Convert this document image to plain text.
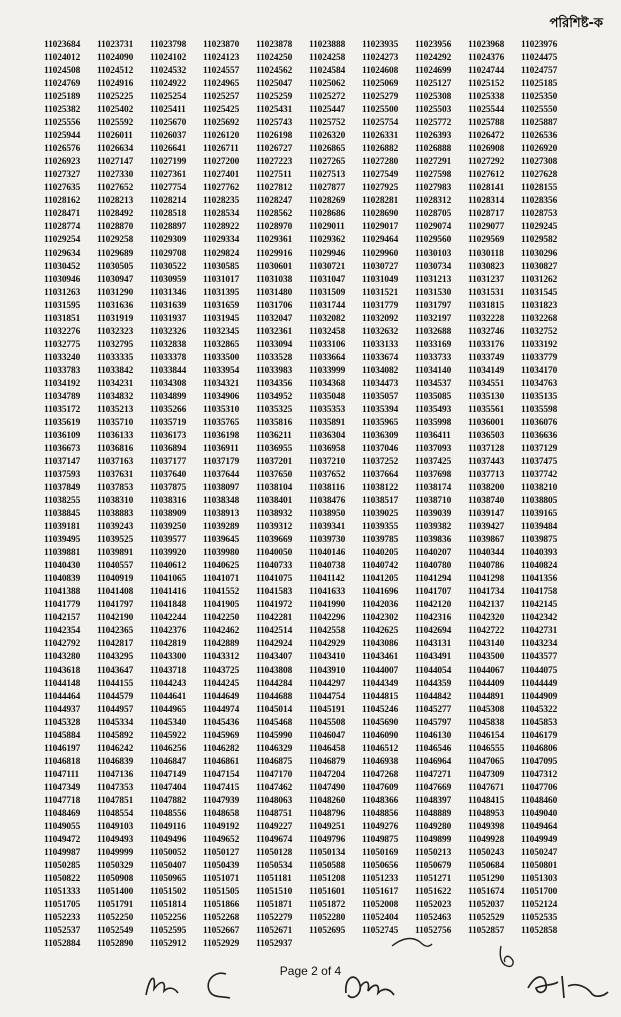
পরিশিষ্ট-ক
11023684	11023731	11023798	11023870	11023878	11023888	11023935	11023956	11023968	11023976
11024012	11024090	11024102	11024123	11024250	11024258	11024273	11024292	11024376	11024475
11024508	11024512	11024532	11024557	11024562	11024584	11024608	11024699	11024744	11024757
11024769	11024916	11024922	11024965	11025047	11025062	11025069	11025127	11025152	11025185
11025189	11025225	11025254	11025257	11025259	11025272	11025279	11025308	11025338	11025350
11025382	11025402	11025411	11025425	11025431	11025447	11025500	11025503	11025544	11025550
11025556	11025592	11025670	11025692	11025743	11025752	11025754	11025772	11025788	11025887
11025944	11026011	11026037	11026120	11026198	11026320	11026331	11026393	11026472	11026536
11026576	11026634	11026641	11026711	11026727	11026865	11026882	11026888	11026908	11026920
11026923	11027147	11027199	11027200	11027223	11027265	11027280	11027291	11027292	11027308
11027327	11027330	11027361	11027401	11027511	11027513	11027549	11027598	11027612	11027628
11027635	11027652	11027754	11027762	11027812	11027877	11027925	11027983	11028141	11028155
11028162	11028213	11028214	11028235	11028247	11028269	11028281	11028312	11028314	11028356
11028471	11028492	11028518	11028534	11028562	11028686	11028690	11028705	11028717	11028753
11028774	11028870	11028897	11028922	11028970	11029011	11029017	11029074	11029077	11029245
11029254	11029258	11029309	11029334	11029361	11029362	11029464	11029560	11029569	11029582
11029634	11029689	11029708	11029824	11029916	11029946	11029960	11030103	11030118	11030296
11030452	11030505	11030522	11030585	11030601	11030721	11030727	11030734	11030823	11030827
11030946	11030947	11030959	11031017	11031038	11031047	11031049	11031213	11031237	11031262
11031263	11031290	11031346	11031395	11031480	11031509	11031521	11031530	11031531	11031545
11031595	11031636	11031639	11031659	11031706	11031744	11031779	11031797	11031815	11031823
11031851	11031919	11031937	11031945	11032047	11032082	11032092	11032197	11032228	11032268
11032276	11032323	11032326	11032345	11032361	11032458	11032632	11032688	11032746	11032752
11032775	11032795	11032838	11032865	11033094	11033106	11033133	11033169	11033176	11033192
11033240	11033335	11033378	11033500	11033528	11033664	11033674	11033733	11033749	11033779
11033783	11033842	11033844	11033954	11033983	11033999	11034082	11034140	11034149	11034170
11034192	11034231	11034308	11034321	11034356	11034368	11034473	11034537	11034551	11034763
11034789	11034832	11034899	11034906	11034952	11035048	11035057	11035085	11035130	11035135
11035172	11035213	11035266	11035310	11035325	11035353	11035394	11035493	11035561	11035598
11035619	11035710	11035719	11035765	11035816	11035891	11035965	11035998	11036001	11036076
11036109	11036133	11036173	11036198	11036211	11036304	11036309	11036411	11036503	11036636
11036673	11036816	11036894	11036911	11036955	11036958	11037046	11037093	11037128	11037129
11037147	11037163	11037177	11037179	11037201	11037210	11037252	11037425	11037443	11037475
11037593	11037631	11037640	11037644	11037650	11037652	11037664	11037698	11037713	11037742
11037849	11037853	11037875	11038097	11038104	11038116	11038122	11038174	11038200	11038210
11038255	11038310	11038316	11038348	11038401	11038476	11038517	11038710	11038740	11038805
11038845	11038883	11038909	11038913	11038932	11038950	11039025	11039039	11039147	11039165
11039181	11039243	11039250	11039289	11039312	11039341	11039355	11039382	11039427	11039484
11039495	11039525	11039577	11039645	11039669	11039730	11039785	11039836	11039867	11039875
11039881	11039891	11039920	11039980	11040050	11040146	11040205	11040207	11040344	11040393
11040430	11040557	11040612	11040625	11040733	11040738	11040742	11040780	11040786	11040824
11040839	11040919	11041065	11041071	11041075	11041142	11041205	11041294	11041298	11041356
11041388	11041408	11041416	11041552	11041583	11041633	11041696	11041707	11041734	11041758
11041779	11041797	11041848	11041905	11041972	11041990	11042036	11042120	11042137	11042145
11042157	11042190	11042244	11042250	11042281	11042296	11042302	11042316	11042320	11042342
11042354	11042365	11042376	11042462	11042514	11042558	11042625	11042694	11042722	11042731
11042792	11042817	11042819	11042889	11042924	11042929	11043086	11043131	11043140	11043234
11043280	11043295	11043300	11043312	11043407	11043410	11043461	11043491	11043500	11043577
11043618	11043647	11043718	11043725	11043808	11043910	11044007	11044054	11044067	11044075
11044148	11044155	11044243	11044245	11044284	11044297	11044349	11044359	11044409	11044449
11044464	11044579	11044641	11044649	11044688	11044754	11044815	11044842	11044891	11044909
11044937	11044957	11044965	11044974	11045014	11045191	11045246	11045277	11045308	11045322
11045328	11045334	11045340	11045436	11045468	11045508	11045690	11045797	11045838	11045853
11045884	11045892	11045922	11045969	11045990	11046047	11046090	11046130	11046154	11046179
11046197	11046242	11046256	11046282	11046329	11046458	11046512	11046546	11046555	11046806
11046818	11046839	11046847	11046861	11046875	11046879	11046938	11046964	11047065	11047095
11047111	11047136	11047149	11047154	11047170	11047204	11047268	11047271	11047309	11047312
11047349	11047353	11047404	11047415	11047462	11047490	11047609	11047669	11047671	11047706
11047718	11047851	11047882	11047939	11048063	11048260	11048366	11048397	11048415	11048460
11048469	11048554	11048556	11048658	11048751	11048796	11048856	11048889	11048953	11049040
11049055	11049103	11049116	11049192	11049227	11049251	11049276	11049280	11049398	11049464
11049472	11049493	11049496	11049652	11049674	11049796	11049875	11049899	11049928	11049949
11049987	11049999	11050052	11050127	11050128	11050134	11050169	11050213	11050243	11050247
11050285	11050329	11050407	11050439	11050534	11050588	11050656	11050679	11050684	11050801
11050822	11050908	11050965	11051071	11051181	11051208	11051233	11051271	11051290	11051303
11051333	11051400	11051502	11051505	11051510	11051601	11051617	11051622	11051674	11051700
11051705	11051791	11051814	11051866	11051871	11051872	11052008	11052023	11052037	11052124
11052233	11052250	11052256	11052268	11052279	11052280	11052404	11052463	11052529	11052535
11052537	11052549	11052595	11052667	11052671	11052695	11052745	11052756	11052857	11052858
11052884	11052890	11052912	11052929	11052937
Page 2 of 4
